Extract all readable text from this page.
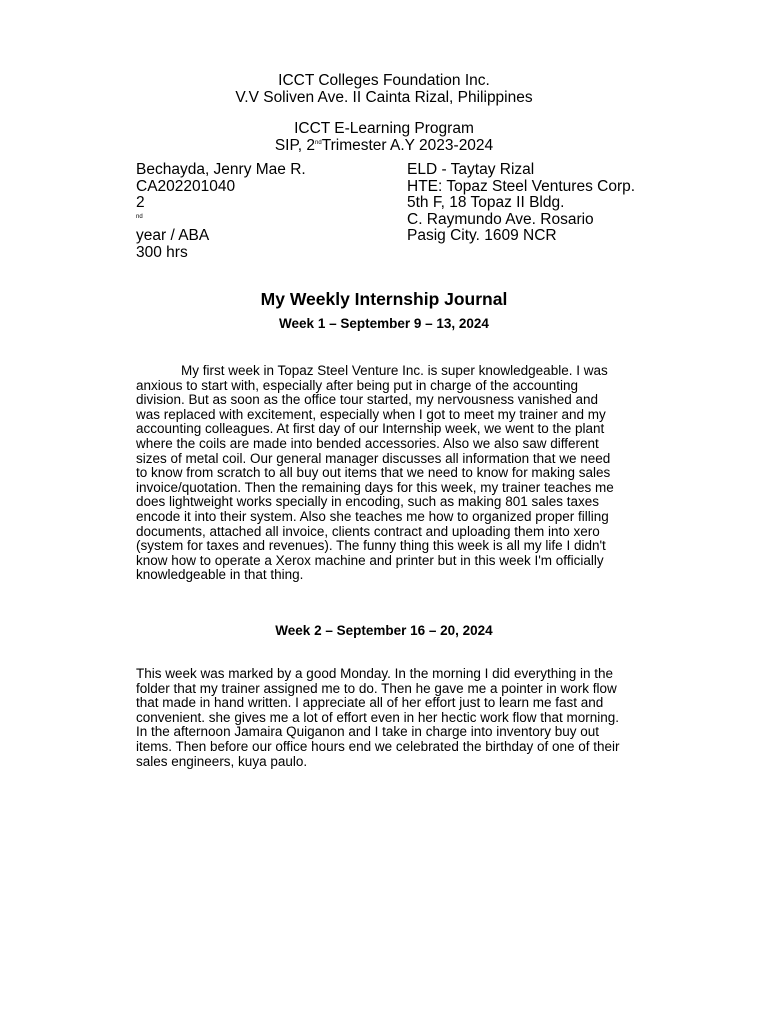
ICCT Colleges Foundation Inc.
V.V Soliven Ave. II Cainta Rizal, Philippines
ICCT E-Learning Program
SIP, 2ndTrimester A.Y 2023-2024
Bechayda, Jenry Mae R.
CA202201040
2
$^{nd}$
year / ABA
300 hrs
ELD - Taytay Rizal
HTE: Topaz Steel Ventures Corp.
5th F, 18 Topaz II Bldg.
C. Raymundo Ave. Rosario
Pasig City. 1609 NCR
My Weekly Internship Journal
Week 1 – September 9 – 13, 2024

My first week in Topaz Steel Venture Inc. is super knowledgeable. I was
anxious to start with, especially after being put in charge of the accounting
division. But as soon as the office tour started, my nervousness vanished and
was replaced with excitement, especially when I got to meet my trainer and my
accounting colleagues. At first day of our Internship week, we went to the plant
where the coils are made into bended accessories. Also we also saw different
sizes of metal coil. Our general manager discusses all information that we need
to know from scratch to all buy out items that we need to know for making sales
invoice/quotation. Then the remaining days for this week, my trainer teaches me
does lightweight works specially in encoding, such as making 801 sales taxes
encode it into their system. Also she teaches me how to organized proper filling
documents, attached all invoice, clients contract and uploading them into xero
(system for taxes and revenues). The funny thing this week is all my life I didn't
know how to operate a Xerox machine and printer but in this week I'm officially
knowledgeable in that thing.

Week 2 – September 16 – 20, 2024

This week was marked by a good Monday. In the morning I did everything in the
folder that my trainer assigned me to do. Then he gave me a pointer in work flow
that made in hand written. I appreciate all of her effort just to learn me fast and
convenient. she gives me a lot of effort even in her hectic work flow that morning.
In the afternoon Jamaira Quiganon and I take in charge into inventory buy out
items. Then before our office hours end we celebrated the birthday of one of their
sales engineers, kuya paulo.
